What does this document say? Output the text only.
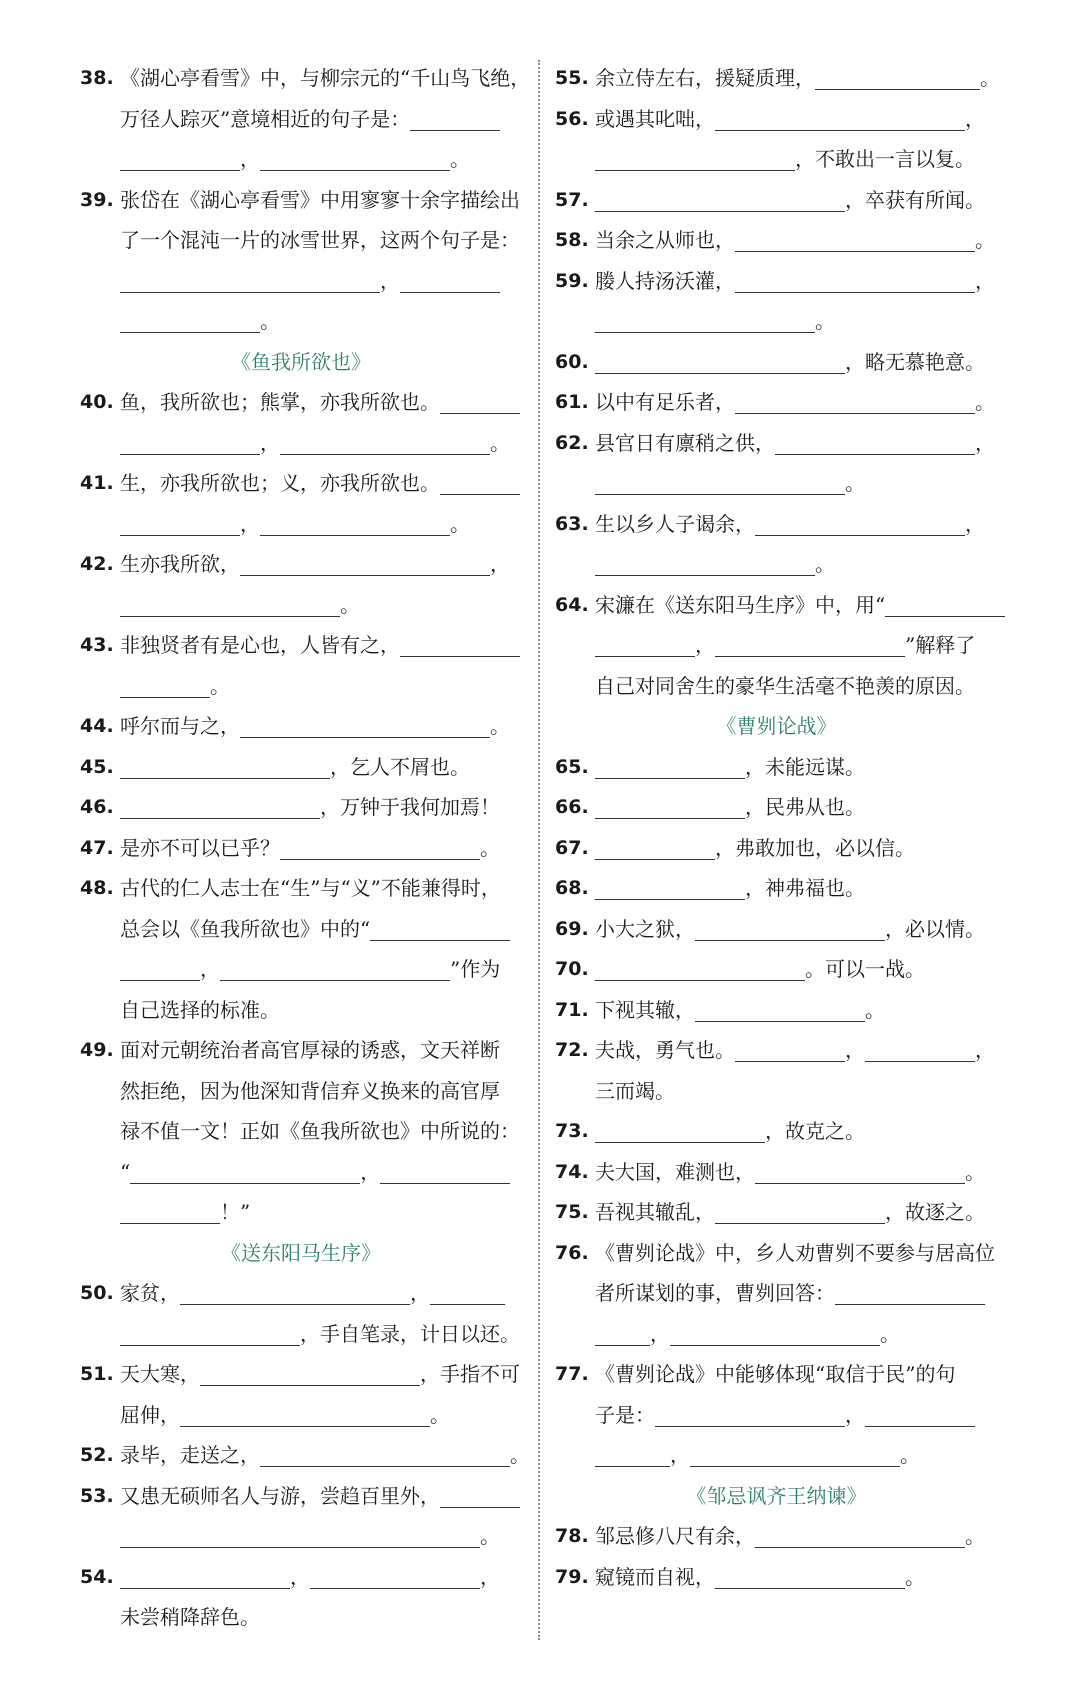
38. 《湖心亭看雪》中，与柳宗元的“千山鸟飞绝，
万径人踪灭”意境相近的句子是：
，	。
39. 张岱在《湖心亭看雪》中用寥寥十余字描绘出
了一个混沌一片的冰雪世界，这两个句子是：
，
。
《鱼我所欲也》
40. 鱼，我所欲也；熊掌，亦我所欲也。
，	。
41. 生，亦我所欲也；义，亦我所欲也。
，	。
42. 生亦我所欲，	，
。
43. 非独贤者有是心也，人皆有之，
。
44. 呼尔而与之，	。
45.	，乞人不屑也。
46.	，万钟于我何加焉！
47. 是亦不可以已乎？	。
48. 古代的仁人志士在“生”与“义”不能兼得时，
总会以《鱼我所欲也》中的“
，	”作为
自己选择的标准。
49. 面对元朝统治者高官厚禄的诱惑，文天祥断
然拒绝，因为他深知背信弃义换来的高官厚
禄不值一文！正如《鱼我所欲也》中所说的：
“	，
！”
《送东阳马生序》
50. 家贫，	，
，手自笔录，计日以还。
51. 天大寒，	，手指不可
屈伸，	。
52. 录毕，走送之，	。
53. 又患无硕师名人与游，尝趋百里外，
。
54.	，	，
未尝稍降辞色。
55. 余立侍左右，援疑质理，	。
56. 或遇其叱咄，	，
，不敢出一言以复。
57.	，卒获有所闻。
58. 当余之从师也，	。
59. 媵人持汤沃灌，	，
。
60.	，略无慕艳意。
61. 以中有足乐者，	。
62. 县官日有廪稍之供，	，
。
63. 生以乡人子谒余，	，
。
64. 宋濂在《送东阳马生序》中，用“
，	”解释了
自己对同舍生的豪华生活毫不艳羡的原因。
《曹刿论战》
65.	，未能远谋。
66.	，民弗从也。
67.	，弗敢加也，必以信。
68.	，神弗福也。
69. 小大之狱，	，必以情。
70.	。可以一战。
71. 下视其辙，	。
72. 夫战，勇气也。	，	，
三而竭。
73.	，故克之。
74. 夫大国，难测也，	。
75. 吾视其辙乱，	，故逐之。
76. 《曹刿论战》中，乡人劝曹刿不要参与居高位
者所谋划的事，曹刿回答：
，	。
77. 《曹刿论战》中能够体现“取信于民”的句
子是：	，
，	。
《邹忌讽齐王纳谏》
78. 邹忌修八尺有余，	。
79. 窥镜而自视，	。
